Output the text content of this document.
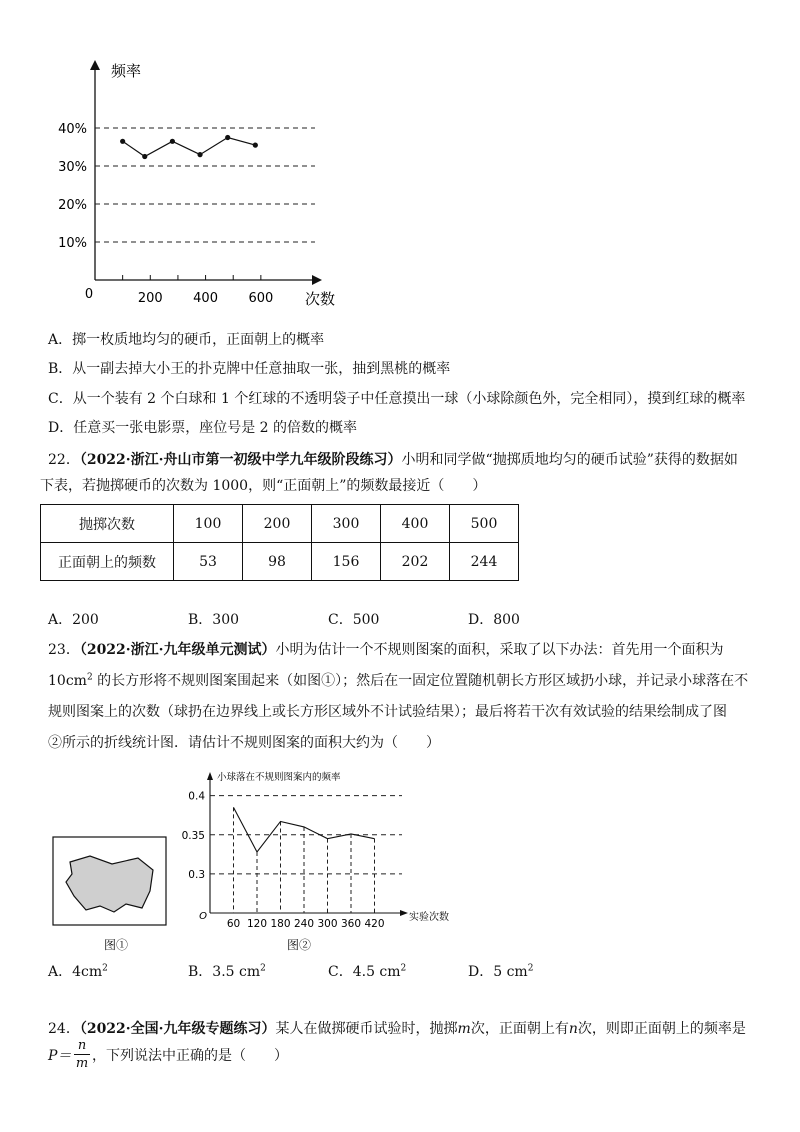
频率
次数
0
10%
20%
30%
40%
200 400 600
A．掷一枚质地均匀的硬币，正面朝上的概率
B．从一副去掉大小王的扑克牌中任意抽取一张，抽到黑桃的概率
C．从一个装有 2 个白球和 1 个红球的不透明袋子中任意摸出一球（小球除颜色外，完全相同），摸到红球的概率
D．任意买一张电影票，座位号是 2 的倍数的概率
22．（2022·浙江·舟山市第一初级中学九年级阶段练习）小明和同学做“抛掷质地均匀的硬币试验”获得的数据如
下表，若抛掷硬币的次数为 1000，则“正面朝上”的频数最接近（　　）
抛掷次数	100	200	300	400	500
正面朝上的频数	53	98	156	202	244
A．200	B．300	C．500	D．800
23．（2022·浙江·九年级单元测试）小明为估计一个不规则图案的面积，采取了以下办法：首先用一个面积为
$10cm^2$ 的长方形将不规则图案围起来（如图①）；然后在一固定位置随机朝长方形区域扔小球，并记录小球落在不
规则图案上的次数（球扔在边界线上或长方形区域外不计试验结果）；最后将若干次有效试验的结果绘制成了图
②所示的折线统计图．请估计不规则图案的面积大约为（　　）
图①
小球落在不规则图案内的频率
O	实验次数
0.3
0.35
0.4
60 120 180 240 300 360 420
图②
A．$4cm^2$	B．3.5 $cm^2$	C．4.5 $cm^2$	D．5 $cm^2$
24．（2022·全国·九年级专题练习）某人在做掷硬币试验时，抛掷m次，正面朝上有n次，则即正面朝上的频率是
P＝
n
m ，下列说法中正确的是（　　）
